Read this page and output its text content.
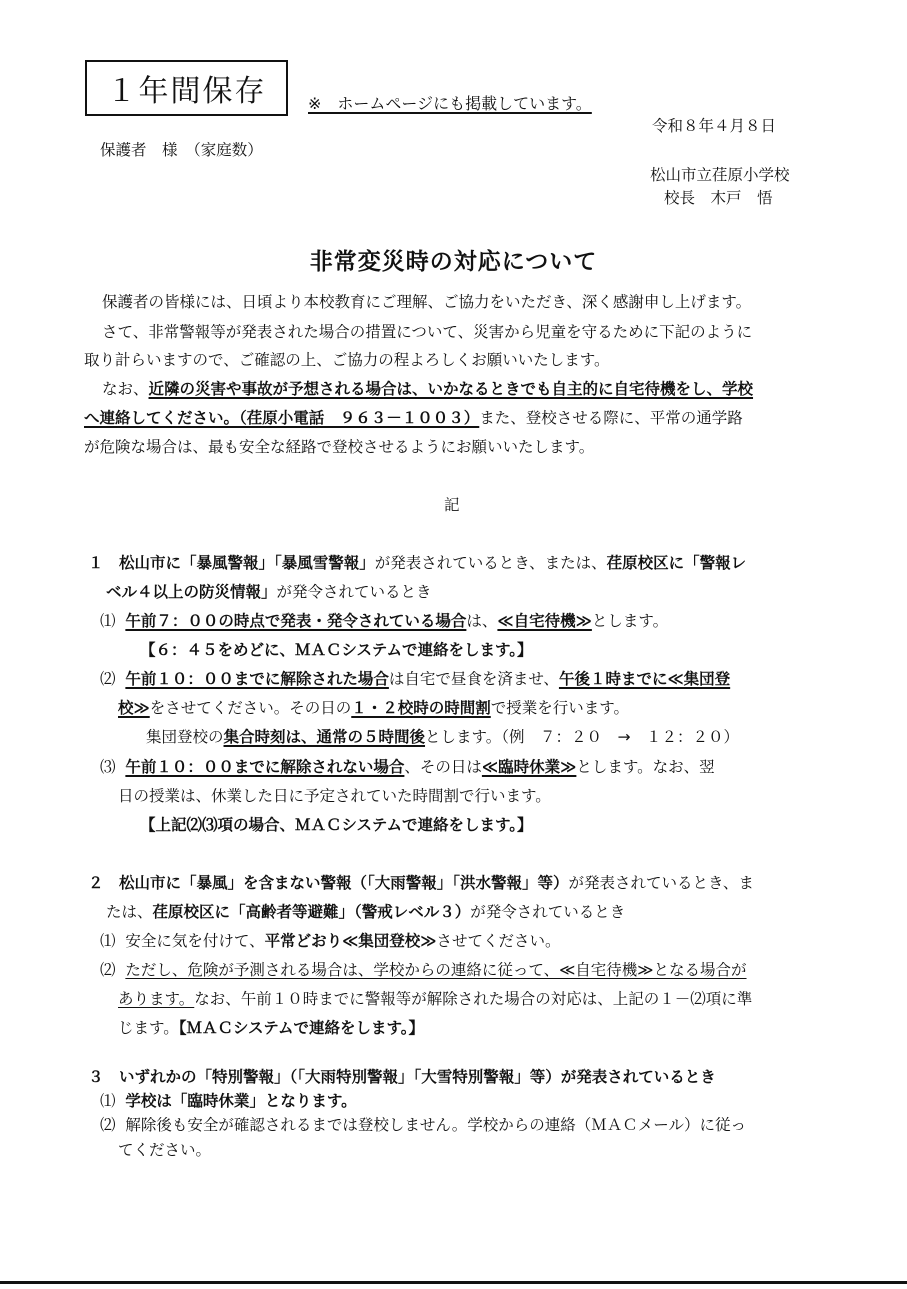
１年間保存	※　ホームページにも掲載しています。
令和８年４月８日
保護者　様　（家庭数）
松山市立荏原小学校
校長　木戸　悟
非常変災時の対応について
保護者の皆様には、日頃より本校教育にご理解、ご協力をいただき、深く感謝申し上げます。
さて、非常警報等が発表された場合の措置について、災害から児童を守るために下記のように
取り計らいますので、ご確認の上、ご協力の程よろしくお願いいたします。
なお、近隣の災害や事故が予想される場合は、いかなるときでも自主的に自宅待機をし、学校
へ連絡してください。（荏原小電話　９６３－１００３）また、登校させる際に、平常の通学路
が危険な場合は、最も安全な経路で登校させるようにお願いいたします。
記
１　松山市に「暴風警報」「暴風雪警報」が発表されているとき、または、荏原校区に「警報レ
ベル４以上の防災情報」が発令されているとき
⑴ 午前７：００の時点で発表・発令されている場合は、≪自宅待機≫とします。
【６：４５をめどに、ＭＡＣシステムで連絡をします。】
⑵ 午前１０：００までに解除された場合は自宅で昼食を済ませ、午後１時までに≪集団登
校≫をさせてください。その日の１・２校時の時間割で授業を行います。
集団登校の集合時刻は、通常の５時間後とします。（例　７：２０　→　１２：２０）
⑶ 午前１０：００までに解除されない場合、その日は≪臨時休業≫とします。なお、翌
日の授業は、休業した日に予定されていた時間割で行います。
【上記⑵⑶項の場合、ＭＡＣシステムで連絡をします。】
２　松山市に「暴風」を含まない警報（「大雨警報」「洪水警報」等）が発表されているとき、ま
たは、荏原校区に「高齢者等避難」（警戒レベル３）が発令されているとき
⑴ 安全に気を付けて、平常どおり≪集団登校≫させてください。
⑵ ただし、危険が予測される場合は、学校からの連絡に従って、≪自宅待機≫となる場合が
あります。なお、午前１０時までに警報等が解除された場合の対応は、上記の１－⑵項に準
じます。【ＭＡＣシステムで連絡をします。】
３　いずれかの「特別警報」（「大雨特別警報」「大雪特別警報」等）が発表されているとき
⑴ 学校は「臨時休業」となります。
⑵ 解除後も安全が確認されるまでは登校しません。学校からの連絡（ＭＡＣメール）に従っ
てください。
